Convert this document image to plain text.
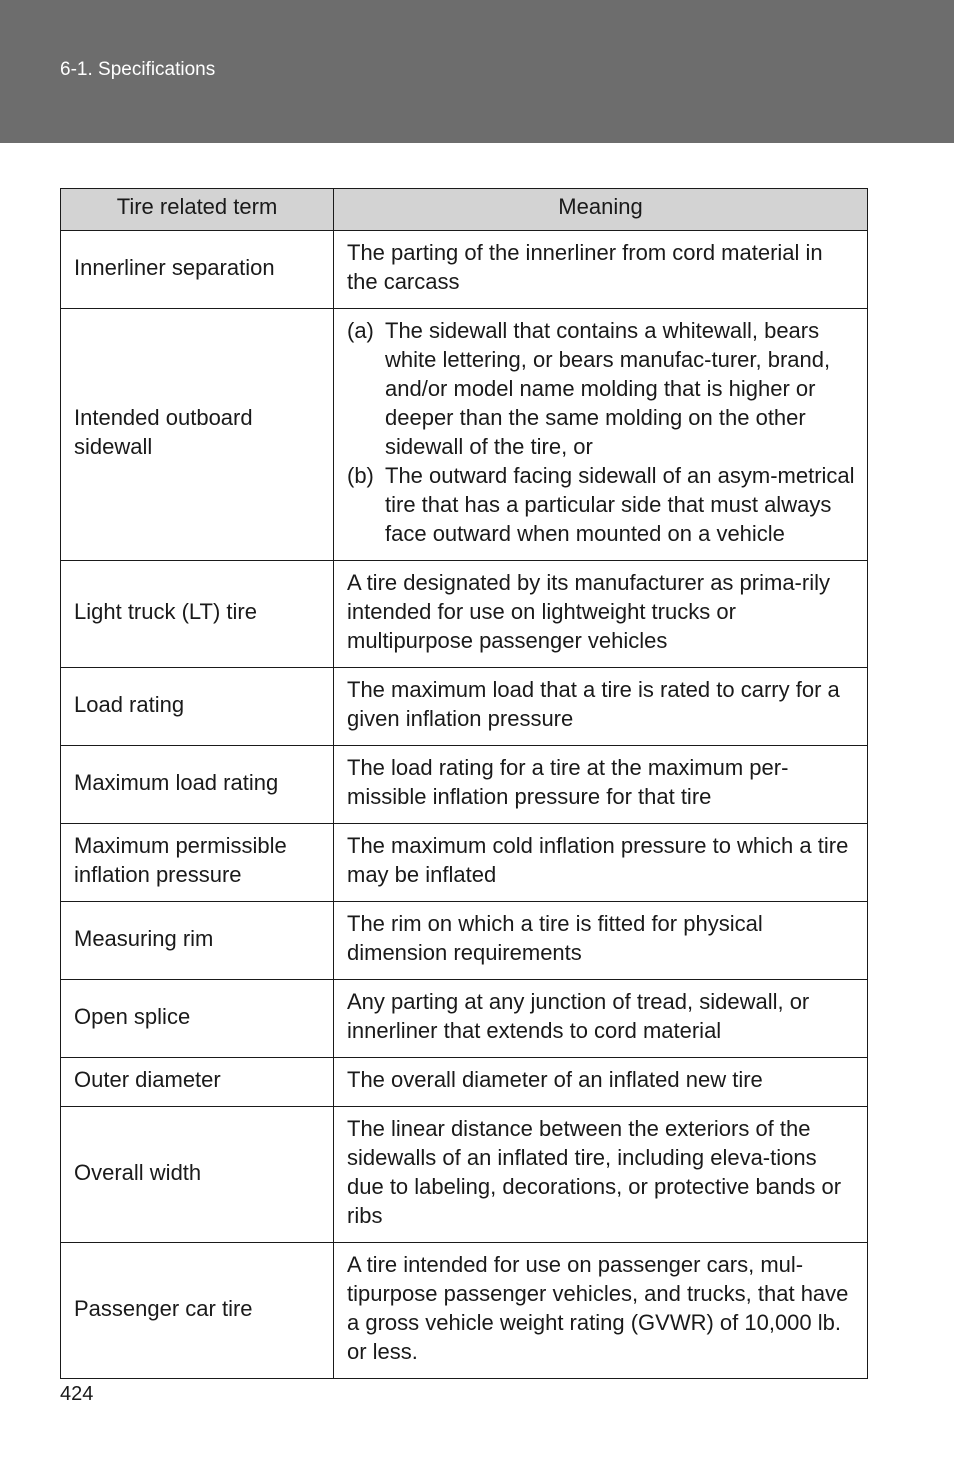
6-1. Specifications
Tire related term	Meaning
Innerliner separation	The parting of the innerliner from cord material in the carcass
Intended outboard sidewall	(a) The sidewall that contains a whitewall, bears white lettering, or bears manufac-turer, brand, and/or model name molding that is higher or deeper than the same molding on the other sidewall of the tire, or
(b) The outward facing sidewall of an asym-metrical tire that has a particular side that must always face outward when mounted on a vehicle

Light truck (LT) tire	A tire designated by its manufacturer as prima-rily intended for use on lightweight trucks or multipurpose passenger vehicles
Load rating	The maximum load that a tire is rated to carry for a given inflation pressure
Maximum load rating	The load rating for a tire at the maximum per-missible inflation pressure for that tire
Maximum permissible inflation pressure	The maximum cold inflation pressure to which a tire may be inflated
Measuring rim	The rim on which a tire is fitted for physical dimension requirements
Open splice	Any parting at any junction of tread, sidewall, or innerliner that extends to cord material
Outer diameter	The overall diameter of an inflated new tire
Overall width	The linear distance between the exteriors of the sidewalls of an inflated tire, including eleva-tions due to labeling, decorations, or protective bands or ribs
Passenger car tire	A tire intended for use on passenger cars, mul-tipurpose passenger vehicles, and trucks, that have a gross vehicle weight rating (GVWR) of 10,000 lb. or less.
424
